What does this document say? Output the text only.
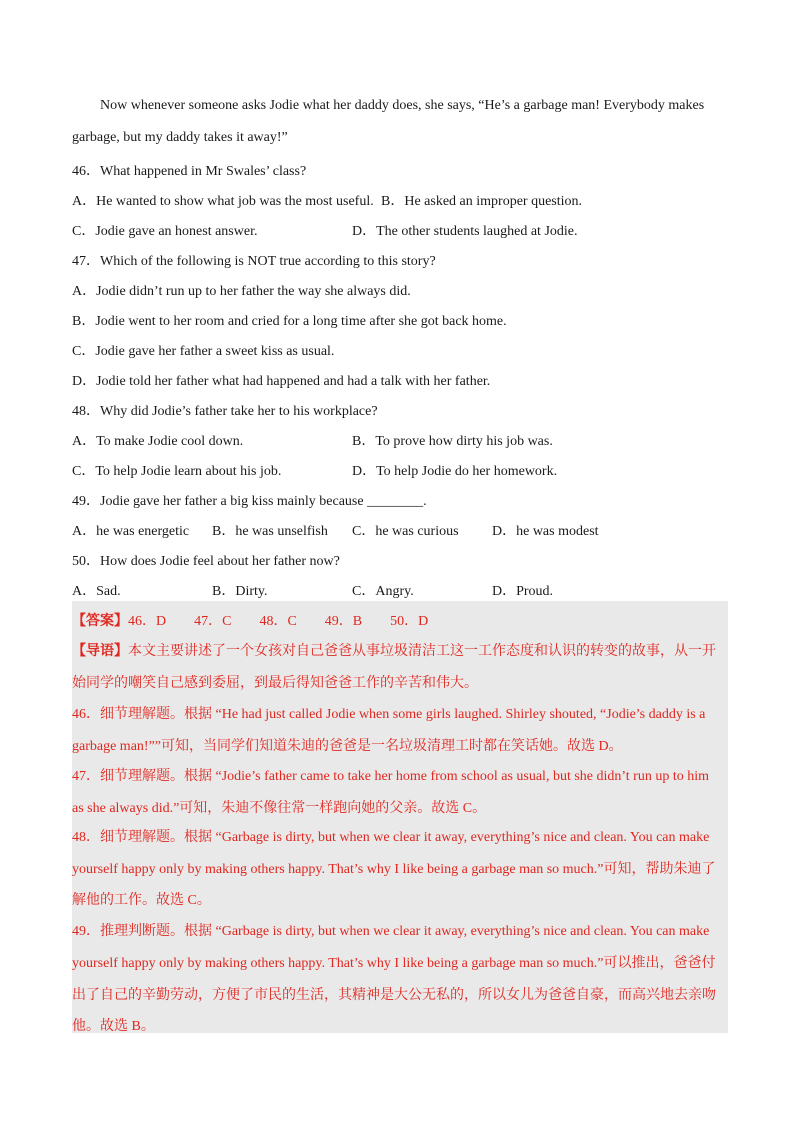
Now whenever someone asks Jodie what her daddy does, she says, “He’s a garbage man! Everybody makes
garbage, but my daddy takes it away!”
46．What happened in Mr Swales’ class?
A．He wanted to show what job was the most useful. B．He asked an improper question.
C．Jodie gave an honest answer.	D．The other students laughed at Jodie.
47．Which of the following is NOT true according to this story?
A．Jodie didn’t run up to her father the way she always did.
B．Jodie went to her room and cried for a long time after she got back home.
C．Jodie gave her father a sweet kiss as usual.
D．Jodie told her father what had happened and had a talk with her father.
48．Why did Jodie’s father take her to his workplace?
A．To make Jodie cool down.	B．To prove how dirty his job was.
C．To help Jodie learn about his job.	D．To help Jodie do her homework.
49．Jodie gave her father a big kiss mainly because ________.
A．he was energetic B．he was unselfish C．he was curious D．he was modest
50．How does Jodie feel about her father now?
A．Sad.	B．Dirty.	C．Angry.	D．Proud.
【答案】46．D　　47．C　　48．C　　49．B　　50．D
【导语】本文主要讲述了一个女孩对自己爸爸从事垃圾清洁工这一工作态度和认识的转变的故事，从一开
始同学的嘲笑自己感到委屈，到最后得知爸爸工作的辛苦和伟大。
46．细节理解题。根据 “He had just called Jodie when some girls laughed. Shirley shouted, “Jodie’s daddy is a
garbage man!””可知，当同学们知道朱迪的爸爸是一名垃圾清理工时都在笑话她。故选 D。
47．细节理解题。根据 “Jodie’s father came to take her home from school as usual, but she didn’t run up to him
as she always did.”可知，朱迪不像往常一样跑向她的父亲。故选 C。
48．细节理解题。根据 “Garbage is dirty, but when we clear it away, everything’s nice and clean. You can make
yourself happy only by making others happy. That’s why I like being a garbage man so much.”可知，帮助朱迪了
解他的工作。故选 C。
49．推理判断题。根据 “Garbage is dirty, but when we clear it away, everything’s nice and clean. You can make
yourself happy only by making others happy. That’s why I like being a garbage man so much.”可以推出，爸爸付
出了自己的辛勤劳动，方便了市民的生活，其精神是大公无私的，所以女儿为爸爸自豪，而高兴地去亲吻
他。故选 B。
